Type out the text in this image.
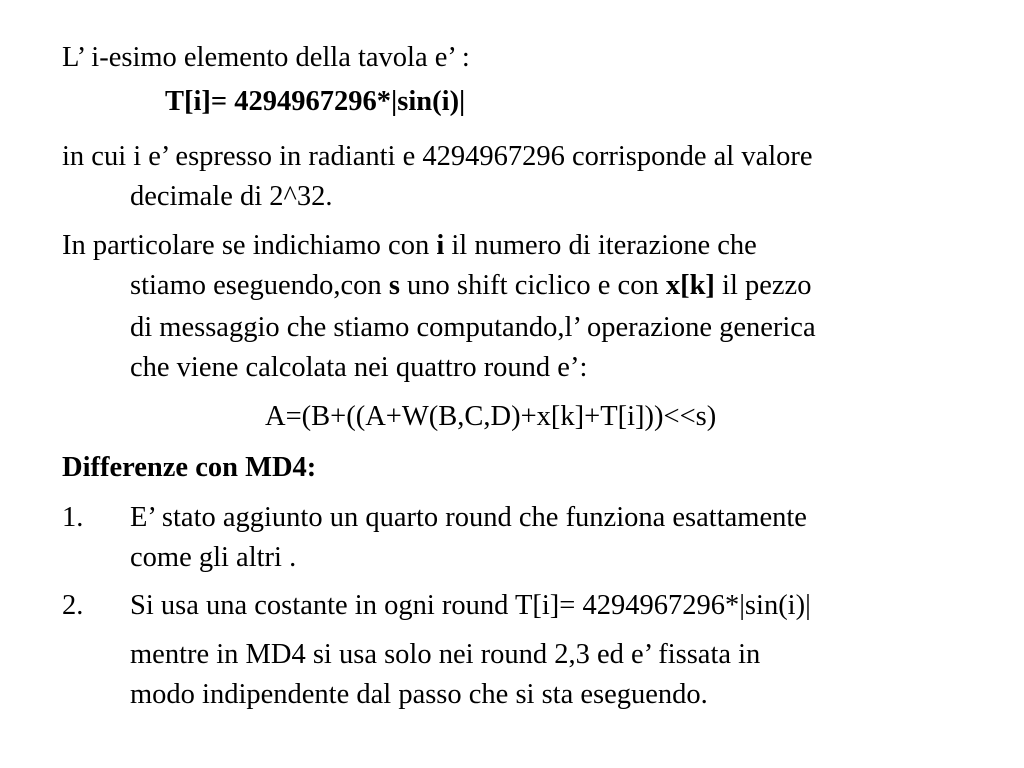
L’ i-esimo elemento della tavola e’ :
T[i]= 4294967296*|sin(i)|
in cui i e’ espresso in radianti e 4294967296 corrisponde al valore
decimale di 2^32.
In particolare se indichiamo con i il numero di iterazione che
stiamo eseguendo,con s uno shift ciclico e con x[k] il pezzo
di messaggio che stiamo computando,l’ operazione generica
che viene calcolata nei quattro round e’:
A=(B+((A+W(B,C,D)+x[k]+T[i]))<<s)
Differenze con MD4:
1. E’ stato aggiunto un quarto round che funziona esattamente
come gli altri .
2. Si usa una costante in ogni round T[i]= 4294967296*|sin(i)|
mentre in MD4 si usa solo nei round 2,3 ed e’ fissata in
modo indipendente dal passo che si sta eseguendo.
